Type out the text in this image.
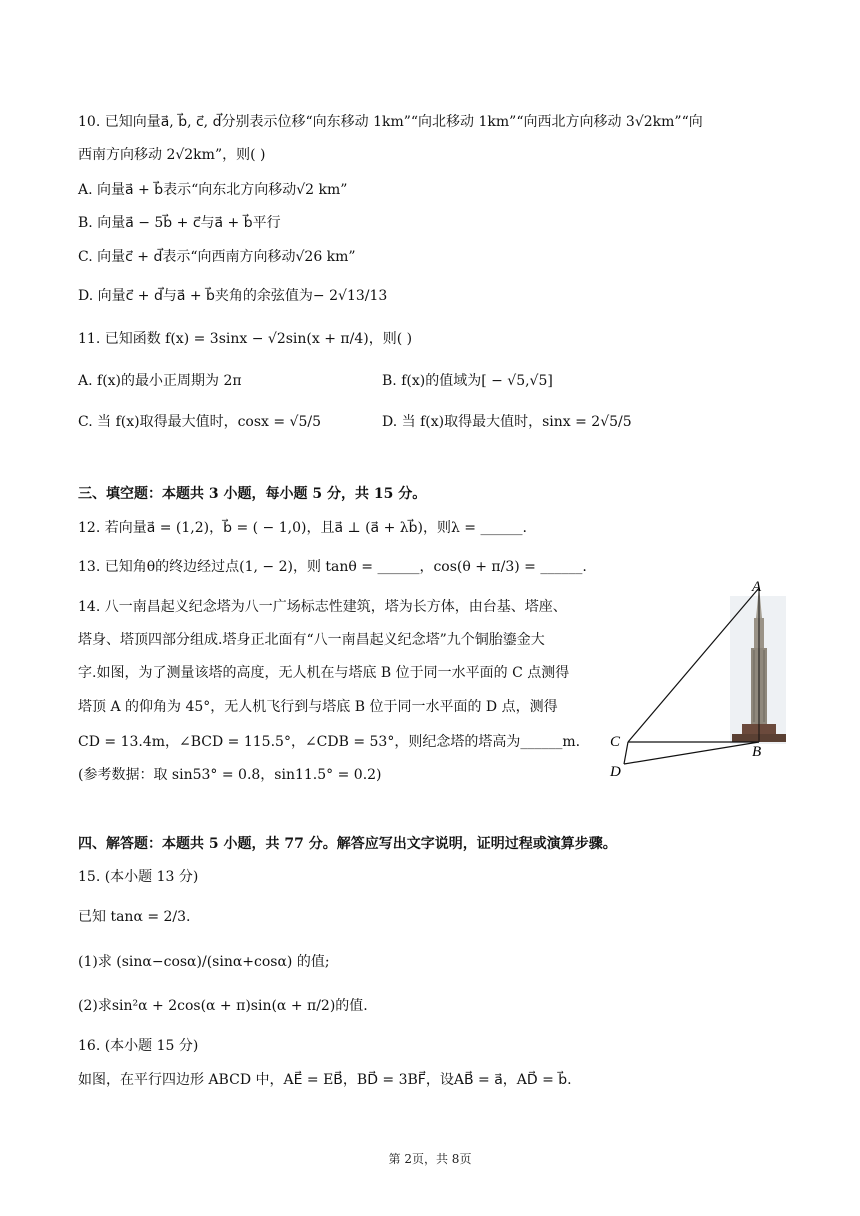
10. 已知向量a⃗, b⃗, c⃗, d⃗分别表示位移“向东移动 1km”“向北移动 1km”“向西北方向移动 3√2km”“向
西南方向移动 2√2km”，则( )
A. 向量a⃗ + b⃗表示“向东北方向移动√2 km”
B. 向量a⃗ − 5b⃗ + c⃗与a⃗ + b⃗平行
C. 向量c⃗ + d⃗表示“向西南方向移动√26 km”
D. 向量c⃗ + d⃗与a⃗ + b⃗夹角的余弦值为− 2√13/13
11. 已知函数 f(x) = 3sinx − √2sin(x + π/4)，则( )
A. f(x)的最小正周期为 2π	B. f(x)的值域为[ − √5,√5]
C. 当 f(x)取得最大值时，cosx = √5/5	D. 当 f(x)取得最大值时，sinx = 2√5/5
三、填空题：本题共 3 小题，每小题 5 分，共 15 分。
12. 若向量a⃗ = (1,2)，b⃗ = ( − 1,0)，且a⃗ ⊥ (a⃗ + λb⃗)，则λ = ______.
13. 已知角θ的终边经过点(1, − 2)，则 tanθ = ______，cos(θ + π/3) = ______.
14. 八一南昌起义纪念塔为八一广场标志性建筑，塔为长方体，由台基、塔座、
塔身、塔顶四部分组成.塔身正北面有“八一南昌起义纪念塔”九个铜胎鎏金大
字.如图，为了测量该塔的高度，无人机在与塔底 B 位于同一水平面的 C 点测得
塔顶 A 的仰角为 45°，无人机飞行到与塔底 B 位于同一水平面的 D 点，测得
CD = 13.4m，∠BCD = 115.5°，∠CDB = 53°，则纪念塔的塔高为______m.
(参考数据：取 sin53° = 0.8，sin11.5° = 0.2)
A
B
C
D
四、解答题：本题共 5 小题，共 77 分。解答应写出文字说明，证明过程或演算步骤。
15. (本小题 13 分)
已知 tanα = 2/3.
(1)求 (sinα−cosα)/(sinα+cosα) 的值;
(2)求sin²α + 2cos(α + π)sin(α + π/2)的值.
16. (本小题 15 分)
如图，在平行四边形 ABCD 中，AE⃗ = EB⃗，BD⃗ = 3BF⃗，设AB⃗ = a⃗，AD⃗ = b⃗.
第 2页，共 8页
